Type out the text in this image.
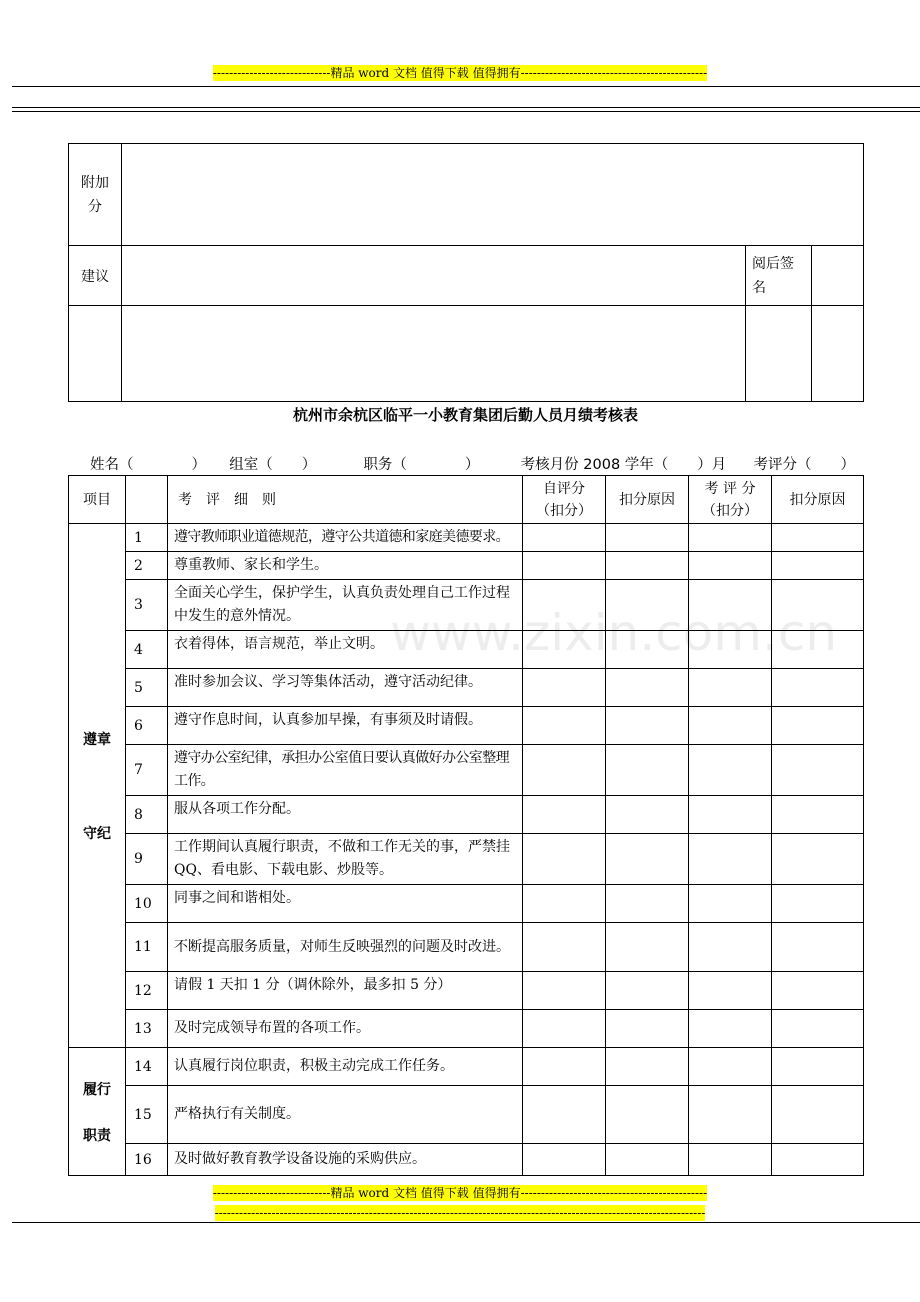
-----------------------------精品 word 文档 值得下载 值得拥有----------------------------------------------
附加分			
建议		阅后签名	

杭州市余杭区临平一小教育集团后勤人员月绩考核表
姓名（　　　　） 组室（　　）	职务（　　　　）	考核月份 2008 学年（　　）月 考评分（　　）
项目		考　评　细　则	自评分（扣分）	扣分原因	考 评 分（扣分）	扣分原因

遵章
守纪	1	遵守教师职业道德规范，遵守公共道德和家庭美德要求。				
	2	尊重教师、家长和学生。				
	3	全面关心学生，保护学生，认真负责处理自己工作过程中发生的意外情况。				
	4	衣着得体，语言规范，举止文明。				
	5	准时参加会议、学习等集体活动，遵守活动纪律。				
	6	遵守作息时间，认真参加早操，有事须及时请假。				
	7	遵守办公室纪律，承担办公室值日要认真做好办公室整理工作。				
	8	服从各项工作分配。				
	9	工作期间认真履行职责，不做和工作无关的事，严禁挂 QQ、看电影、下载电影、炒股等。				
	10	同事之间和谐相处。				
	11	不断提高服务质量，对师生反映强烈的问题及时改进。				
	12	请假 1 天扣 1 分（调休除外，最多扣 5 分）				
	13	及时完成领导布置的各项工作。				

履行
职责	14	认真履行岗位职责，积极主动完成工作任务。				
	15	严格执行有关制度。				
	16	及时做好教育教学设备设施的采购供应。				
www.zixin.com.cn
-----------------------------精品 word 文档 值得下载 值得拥有----------------------------------------------
-------------------------------------------------------------------------------------------------------------------------
